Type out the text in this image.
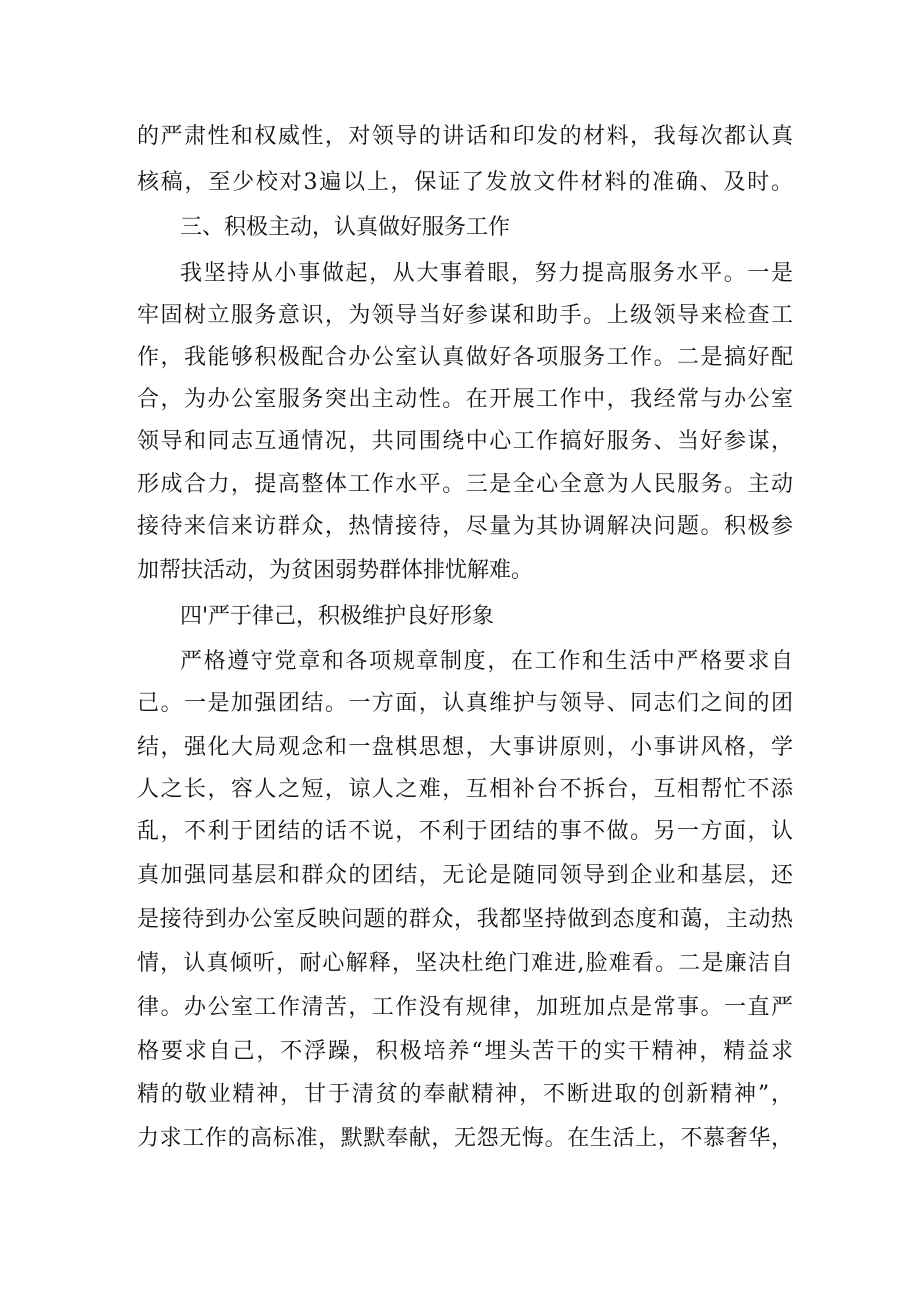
的严肃性和权威性，对领导的讲话和印发的材料，我每次都认真
核稿，至少校对3遍以上，保证了发放文件材料的准确、及时。
三、积极主动，认真做好服务工作
我坚持从小事做起，从大事着眼，努力提高服务水平。一是
牢固树立服务意识，为领导当好参谋和助手。上级领导来检查工
作，我能够积极配合办公室认真做好各项服务工作。二是搞好配
合，为办公室服务突出主动性。在开展工作中，我经常与办公室
领导和同志互通情况，共同围绕中心工作搞好服务、当好参谋，
形成合力，提高整体工作水平。三是全心全意为人民服务。主动
接待来信来访群众，热情接待，尽量为其协调解决问题。积极参
加帮扶活动，为贫困弱势群体排忧解难。
四'严于律己，积极维护良好形象
严格遵守党章和各项规章制度，在工作和生活中严格要求自
己。一是加强团结。一方面，认真维护与领导、同志们之间的团
结，强化大局观念和一盘棋思想，大事讲原则，小事讲风格，学
人之长，容人之短，谅人之难，互相补台不拆台，互相帮忙不添
乱，不利于团结的话不说，不利于团结的事不做。另一方面，认
真加强同基层和群众的团结，无论是随同领导到企业和基层，还
是接待到办公室反映问题的群众，我都坚持做到态度和蔼，主动热
情，认真倾听，耐心解释，坚决杜绝门难进,脸难看。二是廉洁自
律。办公室工作清苦，工作没有规律，加班加点是常事。一直严
格要求自己，不浮躁，积极培养“埋头苦干的实干精神，精益求
精的敬业精神，甘于清贫的奉献精神，不断进取的创新精神”，
力求工作的高标准，默默奉献，无怨无悔。在生活上，不慕奢华，
